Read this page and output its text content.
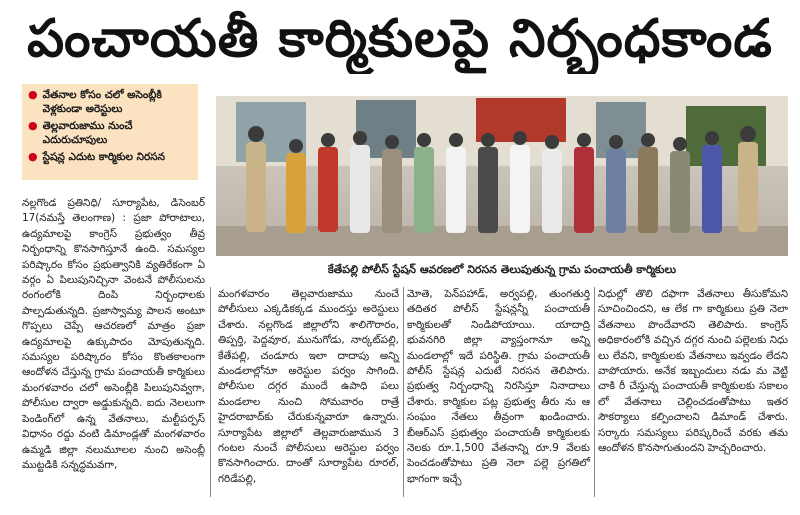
పంచాయతీ కార్మికులపై నిర్బంధకాండ
● వేతనాల కోసం చలో అసెంబ్లీకి వెళ్లకుండా అరెస్టులు
● తెల్లవారుజాము నుంచే ఎదురుచూపులు
● స్టేషన్ల ఎదుట కార్మికుల నిరసన
కేతేపల్లి పోలీస్ స్టేషన్ ఆవరణలో నిరసన తెలుపుతున్న గ్రామ పంచాయతీ కార్మికులు
నల్లగొండ ప్రతినిధి/ సూర్యాపేట, డిసెంబర్ 17(నమస్తే తెలంగాణ) : ప్రజా పోరాటాలు, ఉద్యమాలపై కాంగ్రెస్ ప్రభుత్వం తీవ్ర నిర్బంధాన్ని కొనసాగిస్తూనే ఉంది. సమస్యల పరిష్కారం కోసం ప్రభుత్వానికి వ్యతిరేకంగా ఏ వర్గం ఏ పిలుపునిచ్చినా వెంటనే పోలీసులను రంగంలోకి దింపి నిర్బంధాలకు పాల్పడుతున్నది. ప్రజాస్వామ్య పాలన అంటూ గొప్పలు చెప్పే ఆచరణలో మాత్రం ప్రజా ఉద్యమాలపై ఉక్కుపాదం మోపుతున్నది. సమస్యల పరిష్కారం కోసం కొంతకాలంగా ఆందోళన చేస్తున్న గ్రామ పంచాయతీ కార్మికులు మంగళవారం చలో అసెంబ్లీకి పిలుపునివ్వగా, పోలీసుల ద్వారా అడ్డుకున్నది. ఐదు నెలలుగా పెండింగ్‌లో ఉన్న వేతనాలు, మల్టీపర్పస్ విధానం రద్దు వంటి డిమాండ్లతో మంగళవారం ఉమ్మడి జిల్లా నలుమూలల నుంచి అసెంబ్లీ ముట్టడికి సన్నద్ధమవగా,
మంగళవారం తెల్లవారుజాము నుంచే పోలీసులు ఎక్కడికక్కడ ముందస్తు అరెస్టులు చేశారు. నల్లగొండ జిల్లాలోని శాలిగౌరారం, తిప్పర్తి, పెద్దవూర, మునుగోడు, నార్కట్‌పల్లి, కేతేపల్లి, చండూరు ఇలా దాదాపు అన్ని మండలాల్లోనూ అరెస్టుల పర్వం సాగింది. పోలీసుల దగ్గర ముందే ఉపాధి పలు మండలాల నుంచి సోమవారం రాత్రే హైదరాబాద్‌కు చేరుకున్నవారూ ఉన్నారు. సూర్యాపేట జిల్లాలో తెల్లవారుజామున 3 గంటల నుంచే పోలీసులు అరెస్టుల పర్వం కొనసాగించారు. దాంతో సూర్యాపేట రూరల్, గరిడేపల్లి,
మోతె, పెన్‌పహాడ్, అర్వపల్లి, తుంగతుర్తి తదితర పోలీస్ స్టేషన్లన్నీ పంచాయతీ కార్మికులతో నిండిపోయాయి. యాదాద్రి భువనగిరి జిల్లా వ్యాప్తంగానూ అన్ని మండలాల్లో ఇదే పరిస్థితి. గ్రామ పంచాయతీ పోలీస్ స్టేషన్ల ఎదుటే నిరసన తెలిపారు. ప్రభుత్వ నిర్బంధాన్ని నిరసిస్తూ నినాదాలు చేశారు. కార్మికుల పట్ల ప్రభుత్వ తీరు ను ఆ సంఘం నేతలు తీవ్రంగా ఖండించారు. బీఆర్ఎస్ ప్రభుత్వం పంచాయతీ కార్మికులకు నెలకు రూ.1,500 వేతనాన్ని రూ.9 వేలకు పెంచడంతోపాటు ప్రతి నెలా పల్లె ప్రగతిలో భాగంగా ఇచ్చే
నిధుల్లో తొలి దఫాగా వేతనాలు తీసుకోమని సూచించిందని, ఆ లేక గా కార్మికులు ప్రతి నెలా వేతనాలు పొందేవారని తెలిపారు. కాంగ్రెస్ అధికారంలోకి వచ్చిన దగ్గర నుంచి పల్లెలకు నిధు లు లేవని, కార్మికులకు వేతనాలు ఇవ్వడం లేదని వాపోయారు. అనేక ఇబ్బందులు నడు మ వెట్టి చాకి రీ చేస్తున్న పంచాయతీ కార్మికులకు సకాలం లో వేతనాలు చెల్లించడంతోపాటు ఇతర సౌకర్యాలు కల్పించాలని డిమాండ్ చేశారు. సర్కారు సమస్యలు పరిష్కరించే వరకు తమ ఆందోళన కొనసాగుతుందని హెచ్చరించారు.
